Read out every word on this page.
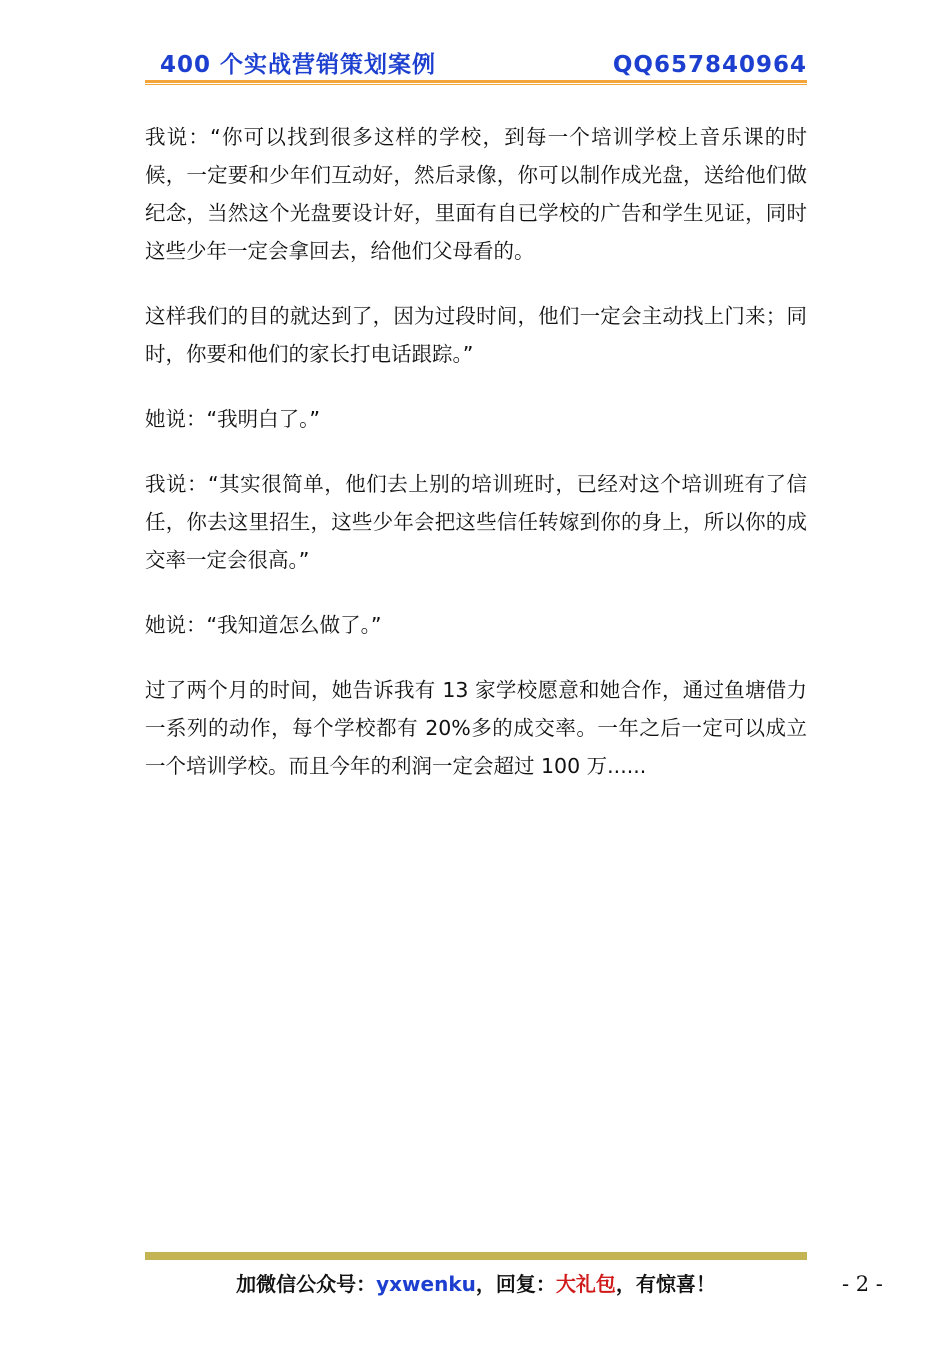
400 个实战营销策划案例	QQ657840964

我说：“你可以找到很多这样的学校，到每一个培训学校上音乐课的时候，一定要和少年们互动好，然后录像，你可以制作成光盘，送给他们做纪念，当然这个光盘要设计好，里面有自已学校的广告和学生见证，同时这些少年一定会拿回去，给他们父母看的。

这样我们的目的就达到了，因为过段时间，他们一定会主动找上门来；同时，你要和他们的家长打电话跟踪。”

她说：“我明白了。”

我说：“其实很简单，他们去上别的培训班时，已经对这个培训班有了信任，你去这里招生，这些少年会把这些信任转嫁到你的身上，所以你的成交率一定会很高。”

她说：“我知道怎么做了。”

过了两个月的时间，她告诉我有 13 家学校愿意和她合作，通过鱼塘借力一系列的动作，每个学校都有 20%多的成交率。一年之后一定可以成立一个培训学校。而且今年的利润一定会超过 100 万......

加微信公众号：yxwenku，回复：大礼包，有惊喜！	- 2 -
